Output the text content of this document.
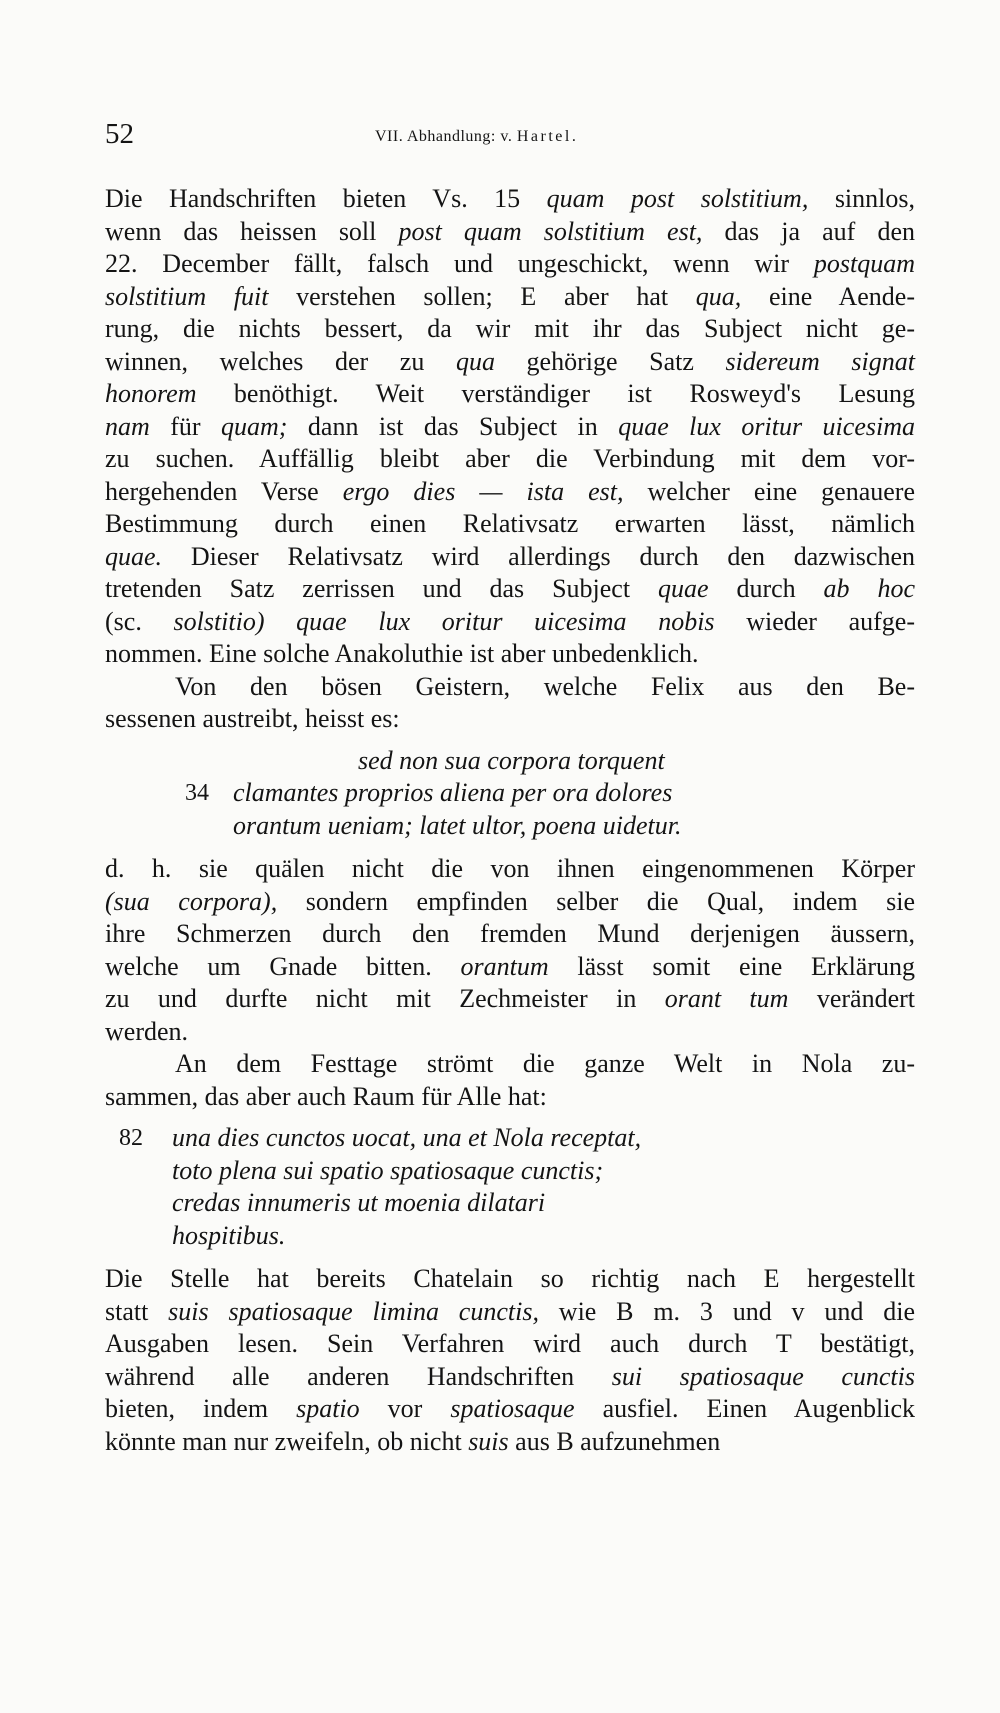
52	VII. Abhandlung: v. Hartel.

Die Handschriften bieten Vs. 15 quam post solstitium, sinnlos,
wenn das heissen soll post quam solstitium est, das ja auf den
22. December fällt, falsch und ungeschickt, wenn wir postquam
solstitium fuit verstehen sollen; E aber hat qua, eine Aende-
rung, die nichts bessert, da wir mit ihr das Subject nicht ge-
winnen, welches der zu qua gehörige Satz sidereum signat
honorem benöthigt. Weit verständiger ist Rosweyd's Lesung
nam für quam; dann ist das Subject in quae lux oritur uicesima
zu suchen. Auffällig bleibt aber die Verbindung mit dem vor-
hergehenden Verse ergo dies — ista est, welcher eine genauere
Bestimmung durch einen Relativsatz erwarten lässt, nämlich
quae. Dieser Relativsatz wird allerdings durch den dazwischen
tretenden Satz zerrissen und das Subject quae durch ab hoc
(sc. solstitio) quae lux oritur uicesima nobis wieder aufge-
nommen. Eine solche Anakoluthie ist aber unbedenklich.

Von den bösen Geistern, welche Felix aus den Be-
sessenen austreibt, heisst es:

sed non sua corpora torquent
34 clamantes proprios aliena per ora dolores
orantum ueniam; latet ultor, poena uidetur.

d. h. sie quälen nicht die von ihnen eingenommenen Körper
(sua corpora), sondern empfinden selber die Qual, indem sie
ihre Schmerzen durch den fremden Mund derjenigen äussern,
welche um Gnade bitten. orantum lässt somit eine Erklärung
zu und durfte nicht mit Zechmeister in orant tum verändert
werden.

An dem Festtage strömt die ganze Welt in Nola zu-
sammen, das aber auch Raum für Alle hat:

82 una dies cunctos uocat, una et Nola receptat,
toto plena sui spatio spatiosaque cunctis;
credas innumeris ut moenia dilatari
hospitibus.

Die Stelle hat bereits Chatelain so richtig nach E hergestellt
statt suis spatiosaque limina cunctis, wie B m. 3 und v und die
Ausgaben lesen. Sein Verfahren wird auch durch T bestätigt,
während alle anderen Handschriften sui spatiosaque cunctis
bieten, indem spatio vor spatiosaque ausfiel. Einen Augenblick
könnte man nur zweifeln, ob nicht suis aus B aufzunehmen
